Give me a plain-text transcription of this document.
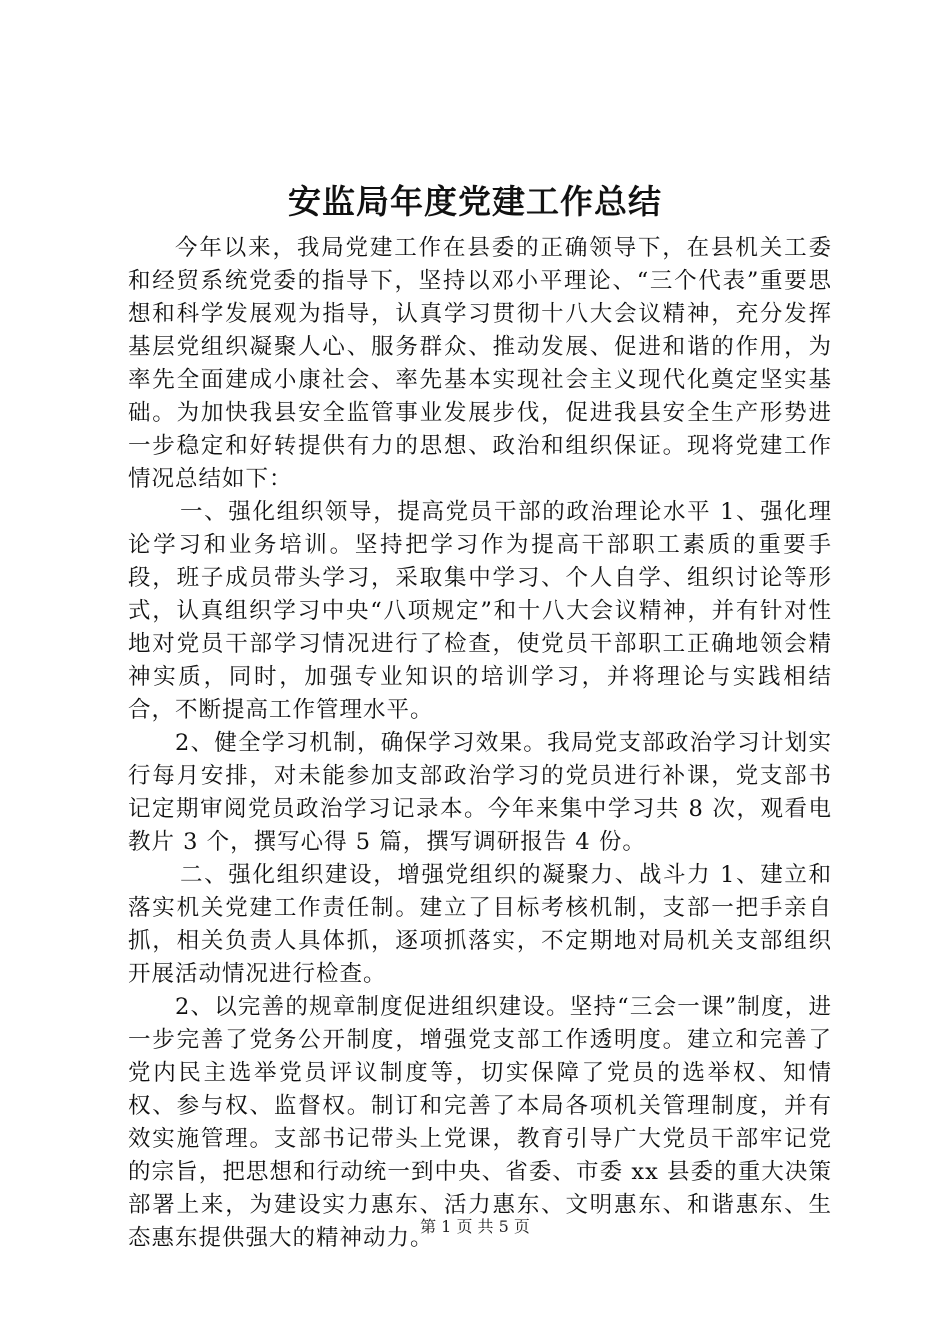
安监局年度党建工作总结

今年以来，我局党建工作在县委的正确领导下，在县机关工委和经贸系统党委的指导下，坚持以邓小平理论、“三个代表”重要思想和科学发展观为指导，认真学习贯彻十八大会议精神，充分发挥基层党组织凝聚人心、服务群众、推动发展、促进和谐的作用，为率先全面建成小康社会、率先基本实现社会主义现代化奠定坚实基础。为加快我县安全监管事业发展步伐，促进我县安全生产形势进一步稳定和好转提供有力的思想、政治和组织保证。现将党建工作情况总结如下：

一、强化组织领导，提高党员干部的政治理论水平 1、强化理论学习和业务培训。坚持把学习作为提高干部职工素质的重要手段，班子成员带头学习，采取集中学习、个人自学、组织讨论等形式，认真组织学习中央“八项规定”和十八大会议精神，并有针对性地对党员干部学习情况进行了检查，使党员干部职工正确地领会精神实质，同时，加强专业知识的培训学习，并将理论与实践相结合，不断提高工作管理水平。

2、健全学习机制，确保学习效果。我局党支部政治学习计划实行每月安排，对未能参加支部政治学习的党员进行补课，党支部书记定期审阅党员政治学习记录本。今年来集中学习共 8 次，观看电教片 3 个，撰写心得 5 篇，撰写调研报告 4 份。

二、强化组织建设，增强党组织的凝聚力、战斗力 1、建立和落实机关党建工作责任制。建立了目标考核机制，支部一把手亲自抓，相关负责人具体抓，逐项抓落实，不定期地对局机关支部组织开展活动情况进行检查。

2、以完善的规章制度促进组织建设。坚持“三会一课”制度，进一步完善了党务公开制度，增强党支部工作透明度。建立和完善了党内民主选举党员评议制度等，切实保障了党员的选举权、知情权、参与权、监督权。制订和完善了本局各项机关管理制度，并有效实施管理。支部书记带头上党课，教育引导广大党员干部牢记党的宗旨，把思想和行动统一到中央、省委、市委 xx 县委的重大决策部署上来，为建设实力惠东、活力惠东、文明惠东、和谐惠东、生态惠东提供强大的精神动力。

第 1 页 共 5 页
